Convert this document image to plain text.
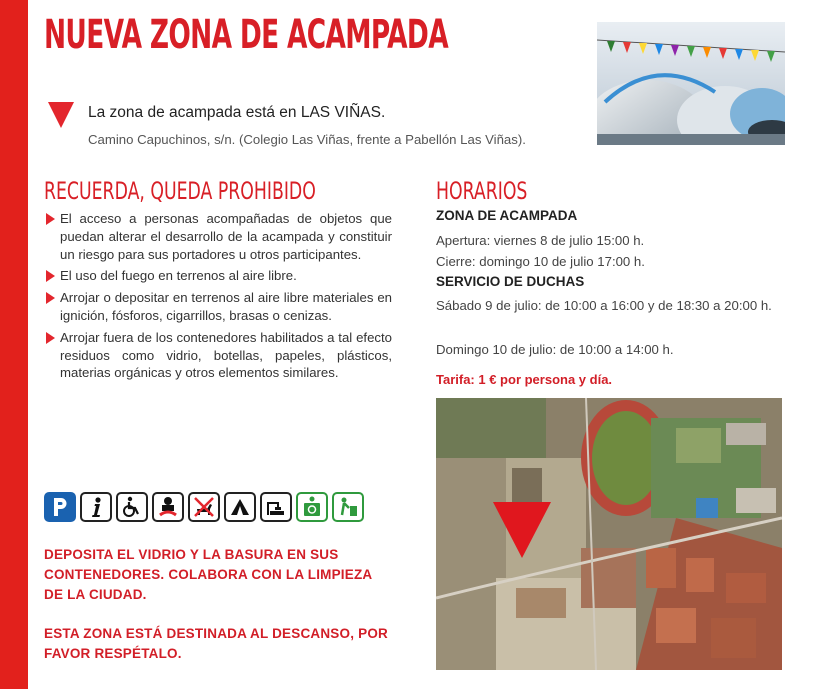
NUEVA ZONA DE ACAMPADA
La zona de acampada está en LAS VIÑAS.
Camino Capuchinos, s/n. (Colegio Las Viñas, frente a Pabellón Las Viñas).
RECUERDA, QUEDA PROHIBIDO
El acceso a personas acompañadas de objetos que puedan alterar el desarrollo de la acampada y constituir un riesgo para sus portadores u otros participantes.
El uso del fuego en terrenos al aire libre.
Arrojar o depositar en terrenos al aire libre materiales en ignición, fósforos, cigarrillos, brasas o cenizas.
Arrojar fuera de los contenedores habilitados a tal efecto residuos como vidrio, botellas, papeles, plásticos, materias orgánicas y otros elementos similares.

DEPOSITA EL VIDRIO Y LA BASURA EN SUS CONTENEDORES. COLABORA CON LA LIMPIEZA DE LA CIUDAD.

ESTA ZONA ESTÁ DESTINADA AL DESCANSO, POR FAVOR RESPÉTALO.

HORARIOS
ZONA DE ACAMPADA

Apertura: viernes 8 de julio 15:00 h.

Cierre: domingo 10 de julio 17:00 h.

SERVICIO DE DUCHAS

Sábado 9 de julio: de 10:00 a 16:00 y de 18:30 a 20:00 h.

Domingo 10 de julio: de 10:00 a 14:00 h.

Tarifa: 1 € por persona y día.
